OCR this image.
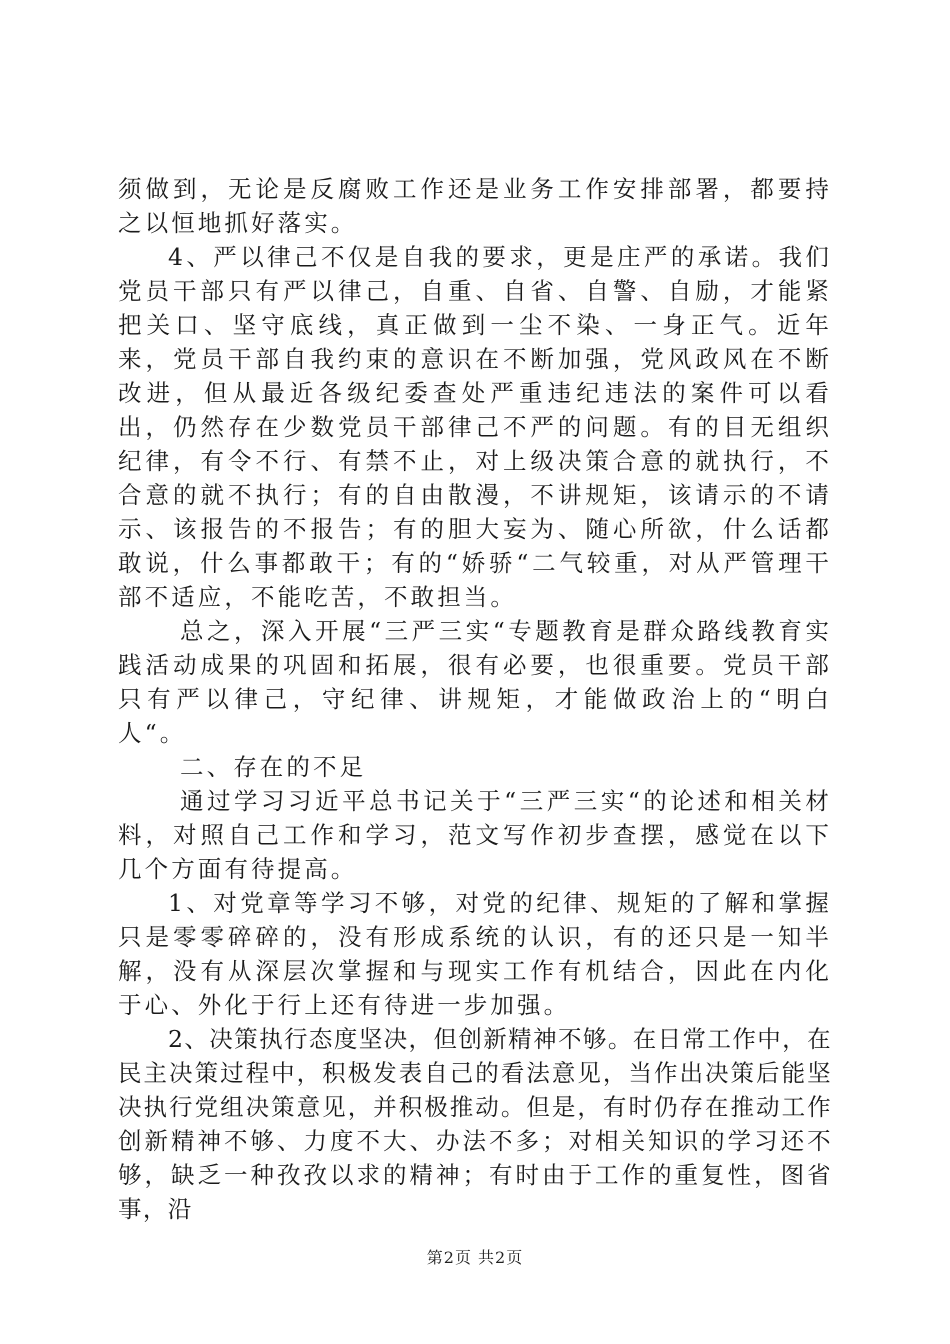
须做到，无论是反腐败工作还是业务工作安排部署，都要持之以恒地抓好落实。

4、严以律己不仅是自我的要求，更是庄严的承诺。我们党员干部只有严以律己，自重、自省、自警、自励，才能紧把关口、坚守底线，真正做到一尘不染、一身正气。近年来，党员干部自我约束的意识在不断加强，党风政风在不断改进，但从最近各级纪委查处严重违纪违法的案件可以看出，仍然存在少数党员干部律己不严的问题。有的目无组织纪律，有令不行、有禁不止，对上级决策合意的就执行，不合意的就不执行；有的自由散漫，不讲规矩，该请示的不请示、该报告的不报告；有的胆大妄为、随心所欲，什么话都敢说，什么事都敢干；有的“娇骄“二气较重，对从严管理干部不适应，不能吃苦，不敢担当。

总之，深入开展“三严三实“专题教育是群众路线教育实践活动成果的巩固和拓展，很有必要，也很重要。党员干部只有严以律己，守纪律、讲规矩，才能做政治上的“明白人“。

二、存在的不足

通过学习习近平总书记关于“三严三实“的论述和相关材料，对照自己工作和学习，范文写作初步查摆，感觉在以下几个方面有待提高。

1、对党章等学习不够，对党的纪律、规矩的了解和掌握只是零零碎碎的，没有形成系统的认识，有的还只是一知半解，没有从深层次掌握和与现实工作有机结合，因此在内化于心、外化于行上还有待进一步加强。

2、决策执行态度坚决，但创新精神不够。在日常工作中，在民主决策过程中，积极发表自己的看法意见，当作出决策后能坚决执行党组决策意见，并积极推动。但是，有时仍存在推动工作创新精神不够、力度不大、办法不多；对相关知识的学习还不够，缺乏一种孜孜以求的精神；有时由于工作的重复性，图省事，沿

第2页 共2页
